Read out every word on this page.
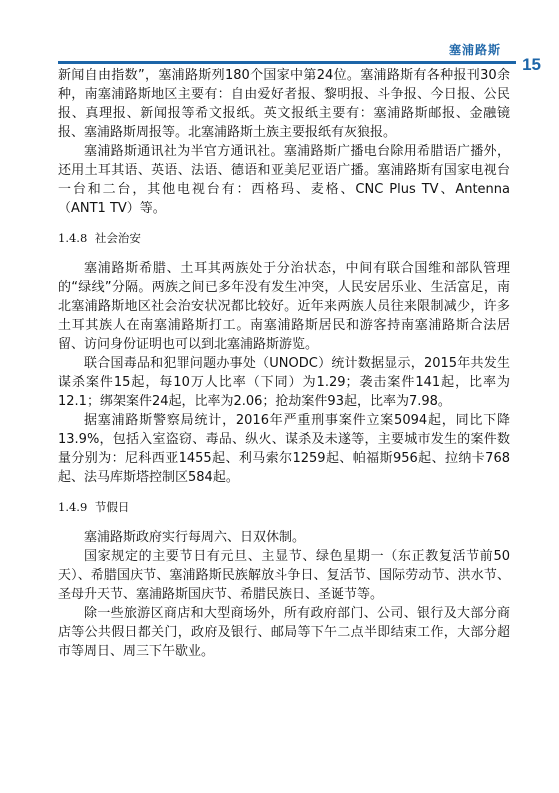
塞浦路斯
15

新闻自由指数”，塞浦路斯列180个国家中第24位。塞浦路斯有各种报刊30余种，南塞浦路斯地区主要有：自由爱好者报、黎明报、斗争报、今日报、公民报、真理报、新闻报等希文报纸。英文报纸主要有：塞浦路斯邮报、金融镜报、塞浦路斯周报等。北塞浦路斯土族主要报纸有灰狼报。

塞浦路斯通讯社为半官方通讯社。塞浦路斯广播电台除用希腊语广播外，还用土耳其语、英语、法语、德语和亚美尼亚语广播。塞浦路斯有国家电视台一台和二台，其他电视台有：西格玛、麦格、CNC Plus TV、Antenna（ANT1 TV）等。

1.4.8 社会治安

塞浦路斯希腊、土耳其两族处于分治状态，中间有联合国维和部队管理的“绿线”分隔。两族之间已多年没有发生冲突，人民安居乐业、生活富足，南北塞浦路斯地区社会治安状况都比较好。近年来两族人员往来限制减少，许多土耳其族人在南塞浦路斯打工。南塞浦路斯居民和游客持南塞浦路斯合法居留、访问身份证明也可以到北塞浦路斯游览。

联合国毒品和犯罪问题办事处（UNODC）统计数据显示，2015年共发生谋杀案件15起，每10万人比率（下同）为1.29；袭击案件141起，比率为12.1；绑架案件24起，比率为2.06；抢劫案件93起，比率为7.98。

据塞浦路斯警察局统计，2016年严重刑事案件立案5094起，同比下降13.9%，包括入室盗窃、毒品、纵火、谋杀及未遂等，主要城市发生的案件数量分别为：尼科西亚1455起、利马索尔1259起、帕福斯956起、拉纳卡768起、法马库斯塔控制区584起。

1.4.9 节假日

塞浦路斯政府实行每周六、日双休制。

国家规定的主要节日有元旦、主显节、绿色星期一（东正教复活节前50天）、希腊国庆节、塞浦路斯民族解放斗争日、复活节、国际劳动节、洪水节、圣母升天节、塞浦路斯国庆节、希腊民族日、圣诞节等。

除一些旅游区商店和大型商场外，所有政府部门、公司、银行及大部分商店等公共假日都关门，政府及银行、邮局等下午二点半即结束工作，大部分超市等周日、周三下午歇业。
